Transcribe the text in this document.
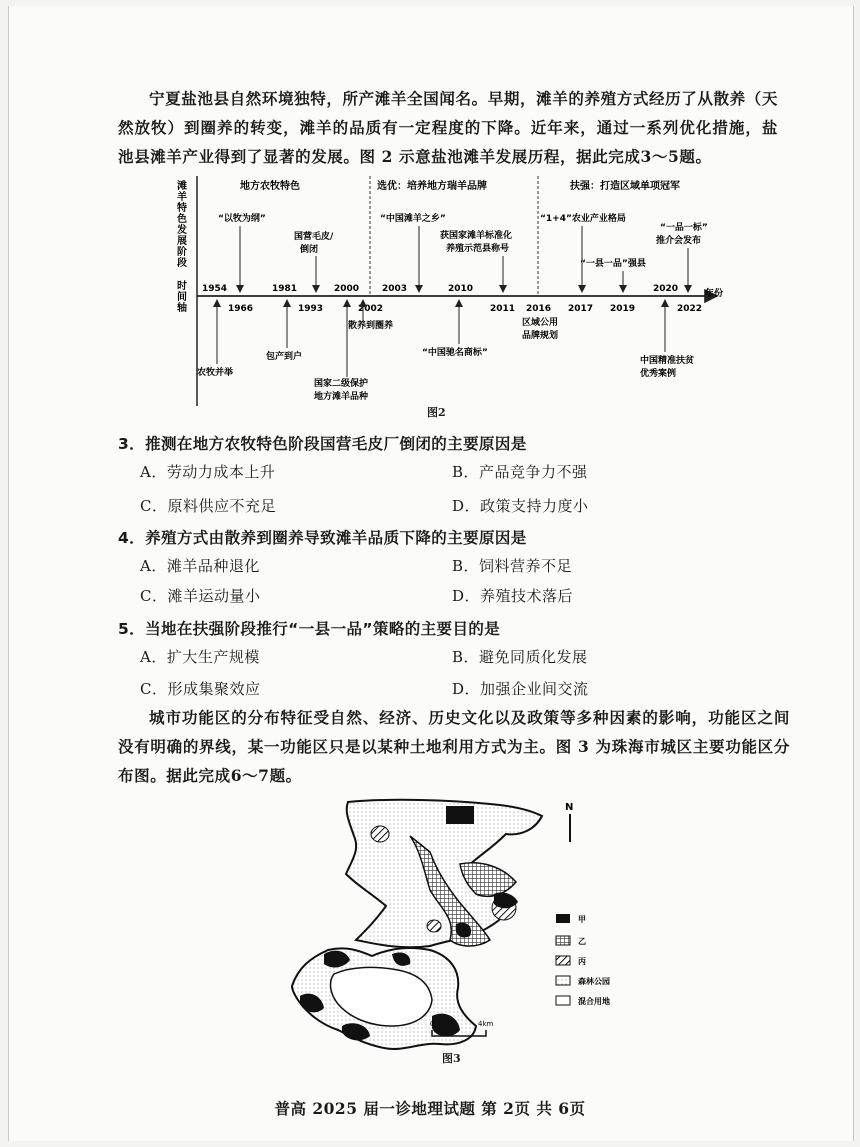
宁夏盐池县自然环境独特，所产滩羊全国闻名。早期，滩羊的养殖方式经历了从散养（天然放牧）到圈养的转变，滩羊的品质有一定程度的下降。近年来，通过一系列优化措施，盐池县滩羊产业得到了显著的发展。图 2 示意盐池滩羊发展历程，据此完成3～5题。
滩羊特色发展阶段
时间轴
地方农牧特色	选优：培养地方瑞羊品牌	扶强：打造区域单项冠军
年份
1954
1966
1981
1993
2000
2002
2003	2010
2011 2016 2017 2019
2020
2022
“以牧为纲”
国营毛皮/倒闭
“中国滩羊之乡”
获国家滩羊标准化养殖示范县称号
“1+4”农业产业格局
“一县一品”强县
“一品一标”推介会发布
农牧并举
包产到户
国家二级保护地方滩羊品种
散养到圈养
“中国驰名商标”
区域公用品牌规划
中国精准扶贫优秀案例
图2
3．推测在地方农牧特色阶段国营毛皮厂倒闭的主要原因是
A．劳动力成本上升	B．产品竞争力不强
C．原料供应不充足	D．政策支持力度小
4．养殖方式由散养到圈养导致滩羊品质下降的主要原因是
A．滩羊品种退化	B．饲料营养不足
C．滩羊运动量小	D．养殖技术落后
5．当地在扶强阶段推行“一县一品”策略的主要目的是
A．扩大生产规模	B．避免同质化发展
C．形成集聚效应	D．加强企业间交流
城市功能区的分布特征受自然、经济、历史文化以及政策等多种因素的影响，功能区之间没有明确的界线，某一功能区只是以某种土地利用方式为主。图 3 为珠海市城区主要功能区分布图。据此完成6～7题。
N
甲
乙
丙
森林公园
混合用地
0	4km
图3
普高 2025 届一诊地理试题 第 2页 共 6页
